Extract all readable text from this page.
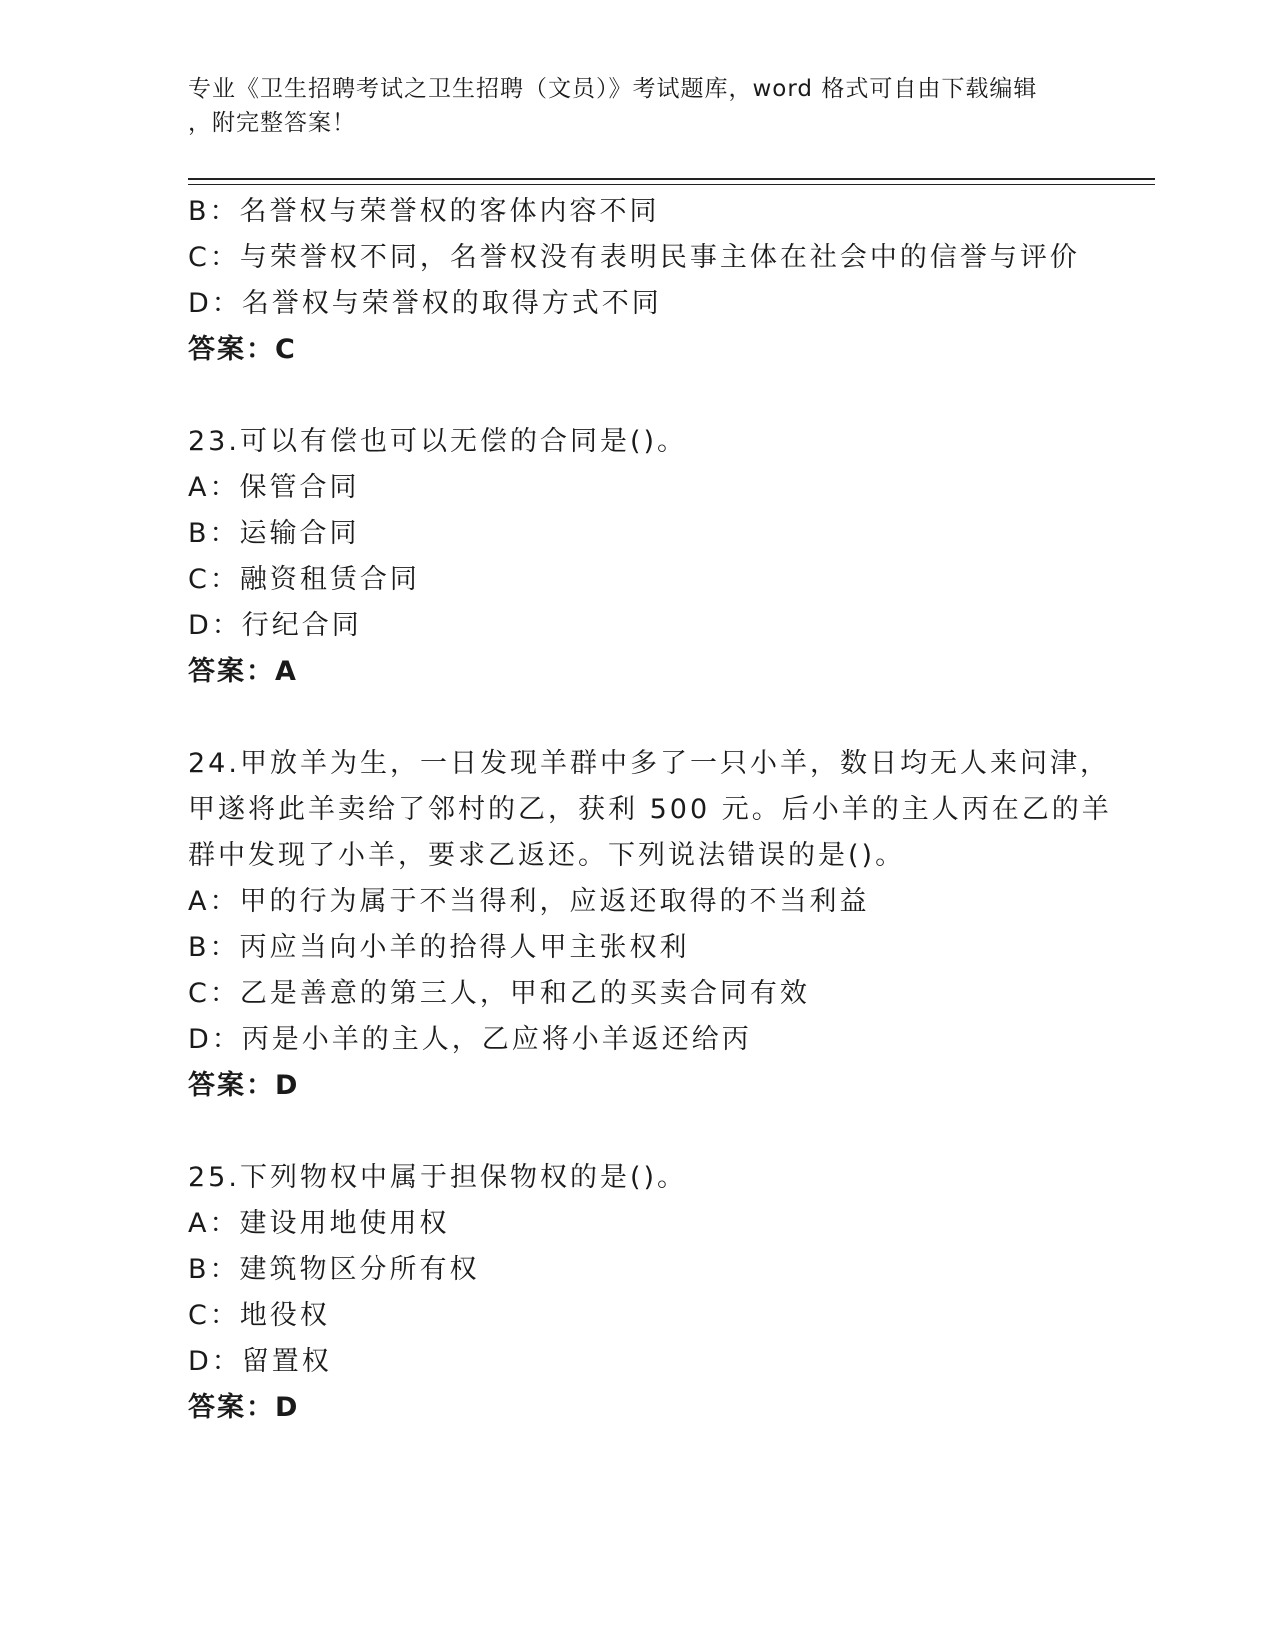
专业《卫生招聘考试之卫生招聘（文员）》考试题库，word 格式可自由下载编辑
，附完整答案！
B：名誉权与荣誉权的客体内容不同
C：与荣誉权不同，名誉权没有表明民事主体在社会中的信誉与评价
D：名誉权与荣誉权的取得方式不同
答案：C
23.可以有偿也可以无偿的合同是()。
A：保管合同
B：运输合同
C：融资租赁合同
D：行纪合同
答案：A
24.甲放羊为生，一日发现羊群中多了一只小羊，数日均无人来问津，
甲遂将此羊卖给了邻村的乙，获利 500 元。后小羊的主人丙在乙的羊
群中发现了小羊，要求乙返还。下列说法错误的是()。
A：甲的行为属于不当得利，应返还取得的不当利益
B：丙应当向小羊的拾得人甲主张权利
C：乙是善意的第三人，甲和乙的买卖合同有效
D：丙是小羊的主人，乙应将小羊返还给丙
答案：D
25.下列物权中属于担保物权的是()。
A：建设用地使用权
B：建筑物区分所有权
C：地役权
D：留置权
答案：D
